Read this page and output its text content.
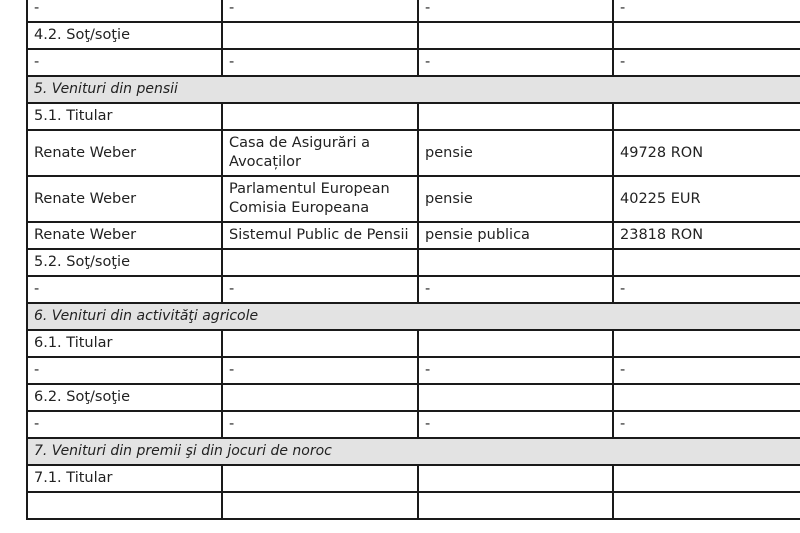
-	-	-	-
4.2. Soţ/soţie			
-	-	-	-
5. Venituri din pensii			
5.1. Titular			
Renate Weber	Casa de Asigurări a Avocaților	pensie	49728 RON
Renate Weber	Parlamentul European Comisia Europeana	pensie	40225 EUR
Renate Weber	Sistemul Public de Pensii	pensie publica	23818 RON
5.2. Soţ/soţie			
-	-	-	-
6. Venituri din activităţi agricole			
6.1. Titular			
-	-	-	-
6.2. Soţ/soţie			
-	-	-	-
7. Venituri din premii şi din jocuri de noroc			
7.1. Titular			
